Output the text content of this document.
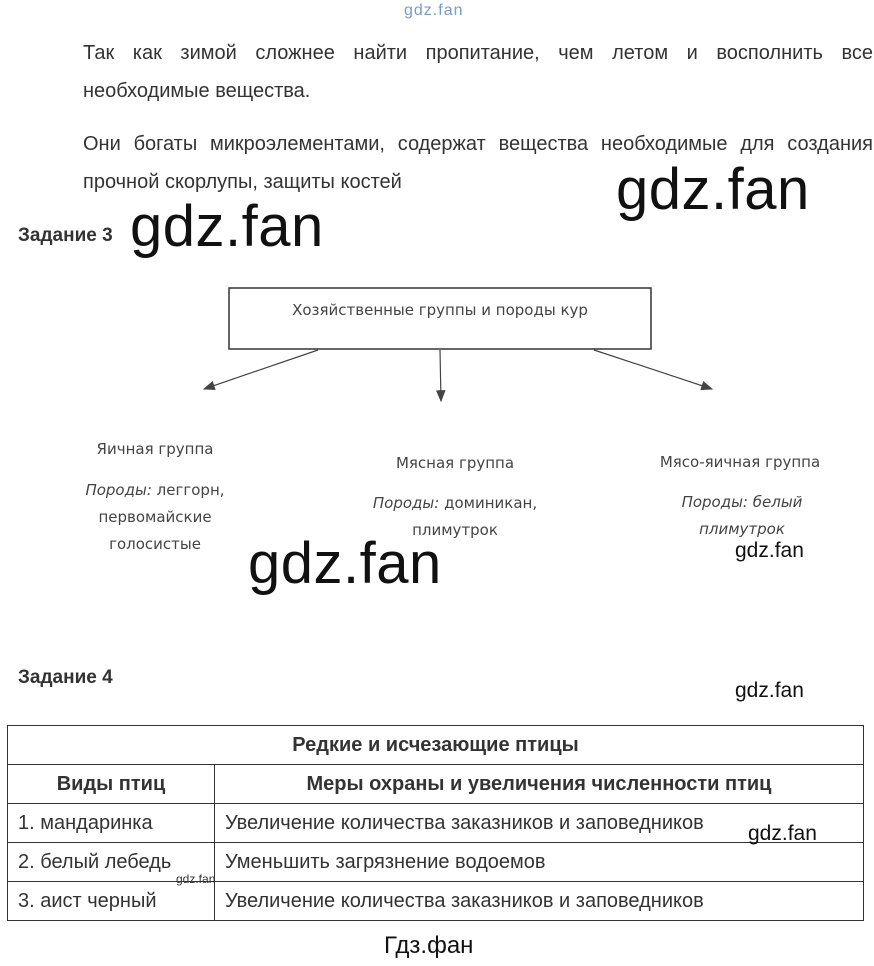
gdz.fan
Так как зимой сложнее найти пропитание, чем летом и восполнить все необходимые вещества.
Они богаты микроэлементами, содержат вещества необходимые для создания прочной скорлупы, защиты костей	gdz.fan
gdz.fan
Задание 3
Хозяйственные группы и породы кур
Яичная группа
Породы: леггорн, первомайские голосистые
Мясная группа
Породы: доминикан, плимутрок
Мясо-яичная группа
Породы: белый плимутрок
gdz.fan	gdz.fan
Задание 4
gdz.fan
Редкие и исчезающие птицы	
Виды птиц	Меры охраны и увеличения численности птиц
1. мандаринка	Увеличение количества заказников и заповедников
2. белый лебедь	Уменьшить загрязнение водоемов
3. аист черный	Увеличение количества заказников и заповедников
gdz.fan
gdz.fan
Гдз.фан
